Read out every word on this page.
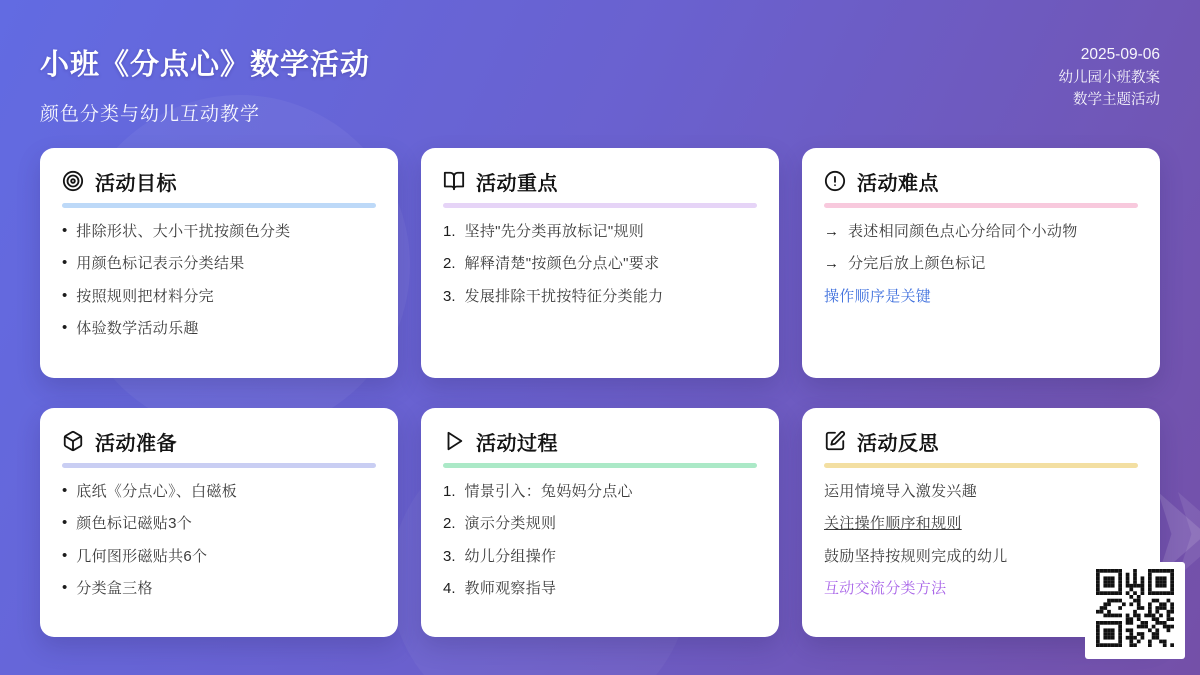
小班《分点心》数学活动
颜色分类与幼儿互动教学
2025-09-06
幼儿园小班教案
数学主题活动
活动目标
• 排除形状、大小干扰按颜色分类
• 用颜色标记表示分类结果
• 按照规则把材料分完
• 体验数学活动乐趣
活动重点
1. 坚持"先分类再放标记"规则
2. 解释清楚"按颜色分点心"要求
3. 发展排除干扰按特征分类能力
活动难点
→ 表述相同颜色点心分给同个小动物
→ 分完后放上颜色标记
操作顺序是关键
活动准备
• 底纸《分点心》、白磁板
• 颜色标记磁贴3个
• 几何图形磁贴共6个
• 分类盒三格
活动过程
1. 情景引入：兔妈妈分点心
2. 演示分类规则
3. 幼儿分组操作
4. 教师观察指导
活动反思
运用情境导入激发兴趣
关注操作顺序和规则
鼓励坚持按规则完成的幼儿
互动交流分类方法
